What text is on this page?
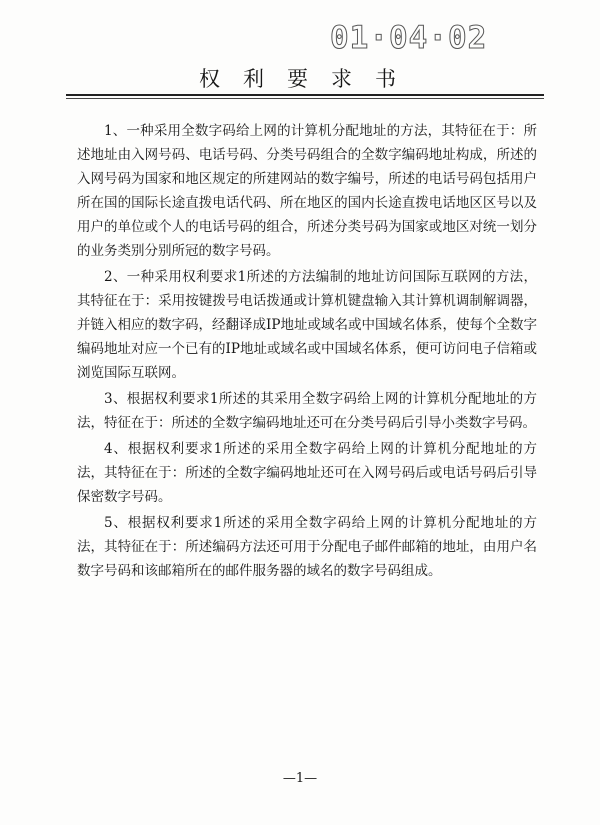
01·04·02
权利要求书

1、一种采用全数字码给上网的计算机分配地址的方法，其特征在于：所述地址由入网号码、电话号码、分类号码组合的全数字编码地址构成，所述的入网号码为国家和地区规定的所建网站的数字编号，所述的电话号码包括用户所在国的国际长途直拨电话代码、所在地区的国内长途直拨电话地区区号以及用户的单位或个人的电话号码的组合，所述分类号码为国家或地区对统一划分的业务类别分别所冠的数字号码。

2、一种采用权利要求1所述的方法编制的地址访问国际互联网的方法，其特征在于：采用按键拨号电话拨通或计算机键盘输入其计算机调制解调器，并链入相应的数字码，经翻译成IP地址或域名或中国域名体系，使每个全数字编码地址对应一个已有的IP地址或域名或中国域名体系，便可访问电子信箱或浏览国际互联网。

3、根据权利要求1所述的其采用全数字码给上网的计算机分配地址的方法，特征在于：所述的全数字编码地址还可在分类号码后引导小类数字号码。

4、根据权利要求1所述的采用全数字码给上网的计算机分配地址的方法，其特征在于：所述的全数字编码地址还可在入网号码后或电话号码后引导保密数字号码。

5、根据权利要求1所述的采用全数字码给上网的计算机分配地址的方法，其特征在于：所述编码方法还可用于分配电子邮件邮箱的地址，由用户名数字号码和该邮箱所在的邮件服务器的域名的数字号码组成。

—1—
